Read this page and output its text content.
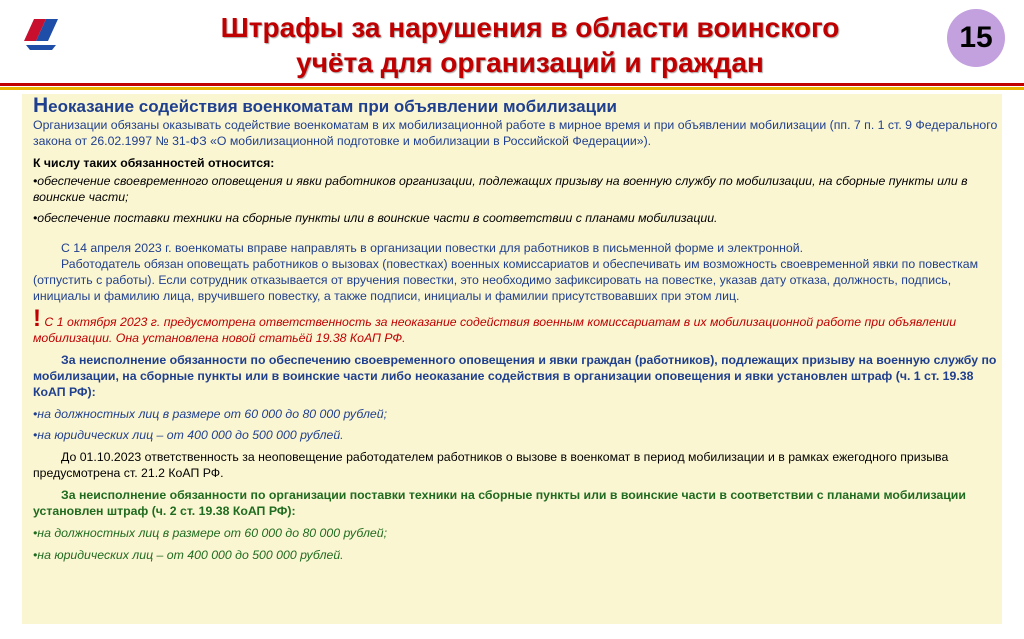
Штрафы за нарушения в области воинского
учёта для организаций и граждан
15

Неоказание содействия военкоматам при объявлении мобилизации

Организации обязаны оказывать содействие военкоматам в их мобилизационной работе в мирное время и при объявлении мобилизации (пп. 7 п. 1 ст. 9 Федерального закона от 26.02.1997 № 31-ФЗ «О мобилизационной подготовке и мобилизации в Российской Федерации»).

К числу таких обязанностей относится:

•обеспечение своевременного оповещения и явки работников организации, подлежащих призыву на военную службу по мобилизации, на сборные пункты или в воинские части;

•обеспечение поставки техники на сборные пункты или в воинские части в соответствии с планами мобилизации.

С 14 апреля 2023 г. военкоматы вправе направлять в организации повестки для работников в письменной форме и электронной.

Работодатель обязан оповещать работников о вызовах (повестках) военных комиссариатов и обеспечивать им возможность своевременной явки по повесткам (отпустить с работы). Если сотрудник отказывается от вручения повестки, это необходимо зафиксировать на повестке, указав дату отказа, должность, подпись, инициалы и фамилию лица, вручившего повестку, а также подписи, инициалы и фамилии присутствовавших при этом лиц.

! С 1 октября 2023 г. предусмотрена ответственность за неоказание содействия военным комиссариатам в их мобилизационной работе при объявлении мобилизации. Она установлена новой статьёй 19.38 КоАП РФ.

За неисполнение обязанности по обеспечению своевременного оповещения и явки граждан (работников), подлежащих призыву на военную службу по мобилизации, на сборные пункты или в воинские части либо неоказание содействия в организации оповещения и явки установлен штраф (ч. 1 ст. 19.38 КоАП РФ):

•на должностных лиц в размере от 60 000 до 80 000 рублей;

•на юридических лиц – от 400 000 до 500 000 рублей.

До 01.10.2023 ответственность за неоповещение работодателем работников о вызове в военкомат в период мобилизации и в рамках ежегодного призыва предусмотрена ст. 21.2 КоАП РФ.

За неисполнение обязанности по организации поставки техники на сборные пункты или в воинские части в соответствии с планами мобилизации установлен штраф (ч. 2 ст. 19.38 КоАП РФ):

•на должностных лиц в размере от 60 000 до 80 000 рублей;

•на юридических лиц – от 400 000 до 500 000 рублей.
